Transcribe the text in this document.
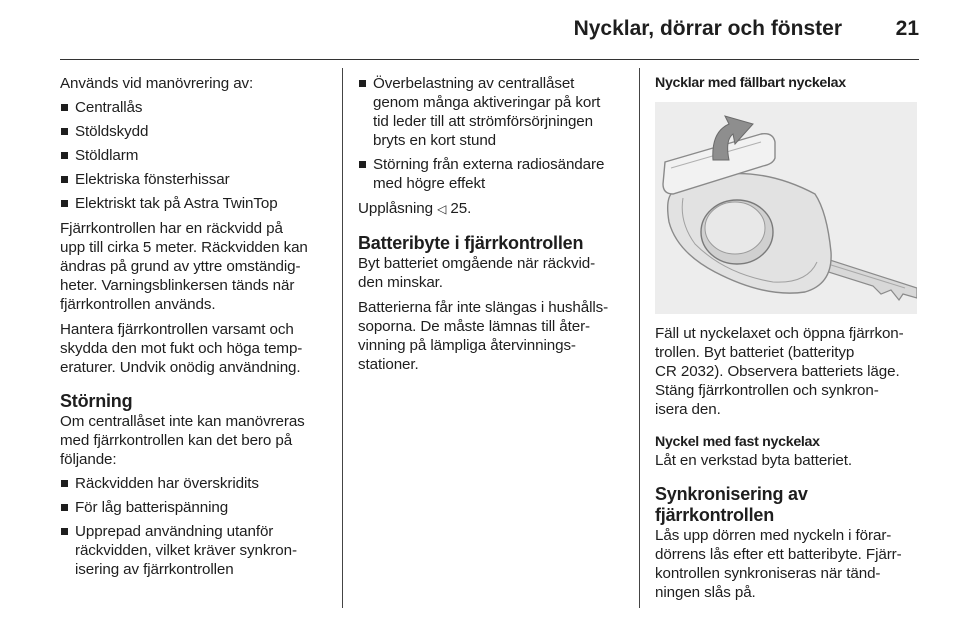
Nycklar, dörrar och fönster	21

Används vid manövrering av:

Centrallås
Stöldskydd
Stöldlarm
Elektriska fönsterhissar
Elektriskt tak på Astra TwinTop

Fjärrkontrollen har en räckvidd på
upp till cirka 5 meter. Räckvidden kan
ändras på grund av yttre omständig-
heter. Varningsblinkersen tänds när
fjärrkontrollen används.

Hantera fjärrkontrollen varsamt och
skydda den mot fukt och höga temp-
eraturer. Undvik onödig användning.

Störning

Om centrallåset inte kan manövreras
med fjärrkontrollen kan det bero på
följande:

Räckvidden har överskridits
För låg batterispänning
Upprepad användning utanför
räckvidden, vilket kräver synkron-
isering av fjärrkontrollen
Överbelastning av centrallåset
genom många aktiveringar på kort
tid leder till att strömförsörjningen
bryts en kort stund
Störning från externa radiosändare
med högre effekt

Upplåsning ◁ 25.

Batteribyte i fjärrkontrollen

Byt batteriet omgående när räckvid-
den minskar.

Batterierna får inte slängas i hushålls-
soporna. De måste lämnas till åter-
vinning på lämpliga återvinnings-
stationer.

Nycklar med fällbart nyckelax

Fäll ut nyckelaxet och öppna fjärrkon-
trollen. Byt batteriet (batterityp
CR 2032). Observera batteriets läge.
Stäng fjärrkontrollen och synkron-
isera den.

Nyckel med fast nyckelax

Låt en verkstad byta batteriet.

Synkronisering av
fjärrkontrollen

Lås upp dörren med nyckeln i förar-
dörrens lås efter ett batteribyte. Fjärr-
kontrollen synkroniseras när tänd-
ningen slås på.
